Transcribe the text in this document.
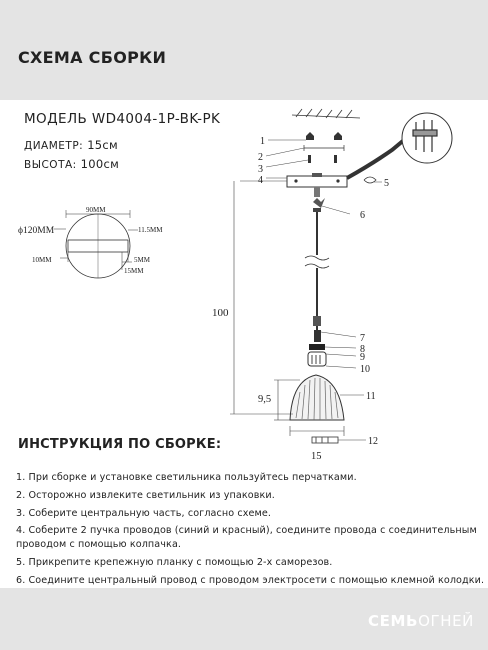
СХЕМА СБОРКИ
МОДЕЛЬ WD4004-1P-BK-PK
ДИАМЕТР: 15см
ВЫСОТА: 100см
ϕ120MM
90MM
11.5MM
10MM	5MM
15MM
100
9,5
15
1
2
3
4	5
6
7
8
9
10
11
12
ИНСТРУКЦИЯ ПО СБОРКЕ:
1. При сборке и установке светильника пользуйтесь перчатками.
2. Осторожно извлеките светильник из упаковки.
3. Соберите центральную часть, согласно схеме.
4. Соберите 2 пучка проводов (синий и красный), соедините провода с соединительным
проводом с помощью колпачка.
5. Прикрепите крепежную планку с помощью 2-х саморезов.
6. Соедините центральный провод с проводом электросети с помощью клемной колодки.
СЕМЬОГНЕЙ
